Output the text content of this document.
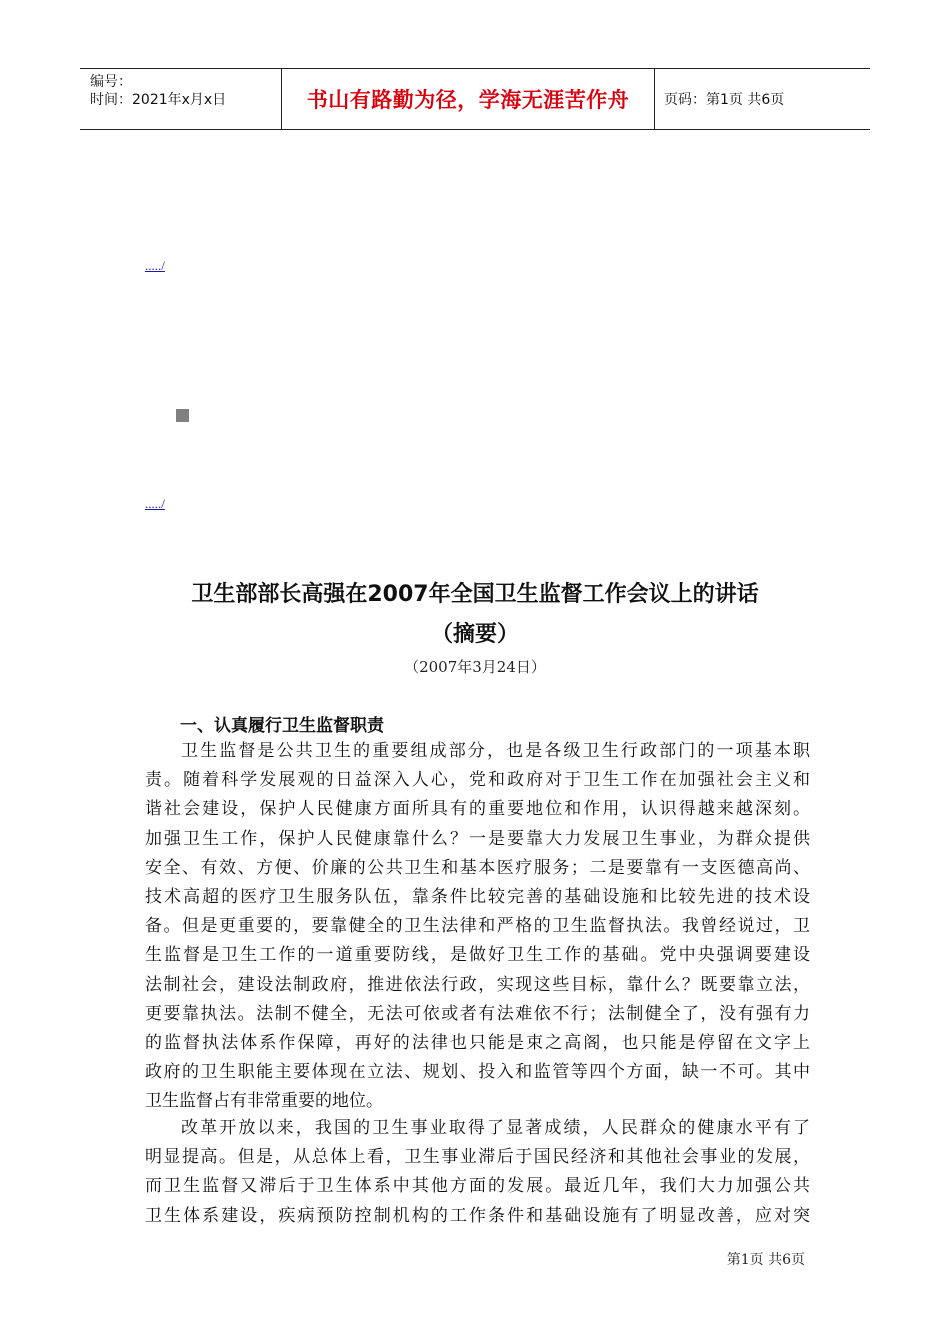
编号：
时间：2021年x月x日	书山有路勤为径，学海无涯苦作舟	页码：第1页 共6页
...../
...../
卫生部部长高强在2007年全国卫生监督工作会议上的讲话
（摘要）
（2007年3月24日）
一、认真履行卫生监督职责
卫生监督是公共卫生的重要组成部分，也是各级卫生行政部门的一项基本职
责。随着科学发展观的日益深入人心，党和政府对于卫生工作在加强社会主义和
谐社会建设，保护人民健康方面所具有的重要地位和作用，认识得越来越深刻。
加强卫生工作，保护人民健康靠什么？一是要靠大力发展卫生事业，为群众提供
安全、有效、方便、价廉的公共卫生和基本医疗服务；二是要靠有一支医德高尚、
技术高超的医疗卫生服务队伍，靠条件比较完善的基础设施和比较先进的技术设
备。但是更重要的，要靠健全的卫生法律和严格的卫生监督执法。我曾经说过，卫
生监督是卫生工作的一道重要防线，是做好卫生工作的基础。党中央强调要建设
法制社会，建设法制政府，推进依法行政，实现这些目标，靠什么？既要靠立法，
更要靠执法。法制不健全，无法可依或者有法难依不行；法制健全了，没有强有力
的监督执法体系作保障，再好的法律也只能是束之高阁，也只能是停留在文字上
政府的卫生职能主要体现在立法、规划、投入和监管等四个方面，缺一不可。其中
卫生监督占有非常重要的地位。
改革开放以来，我国的卫生事业取得了显著成绩，人民群众的健康水平有了
明显提高。但是，从总体上看，卫生事业滞后于国民经济和其他社会事业的发展，
而卫生监督又滞后于卫生体系中其他方面的发展。最近几年，我们大力加强公共
卫生体系建设，疾病预防控制机构的工作条件和基础设施有了明显改善，应对突
第1页 共6页
